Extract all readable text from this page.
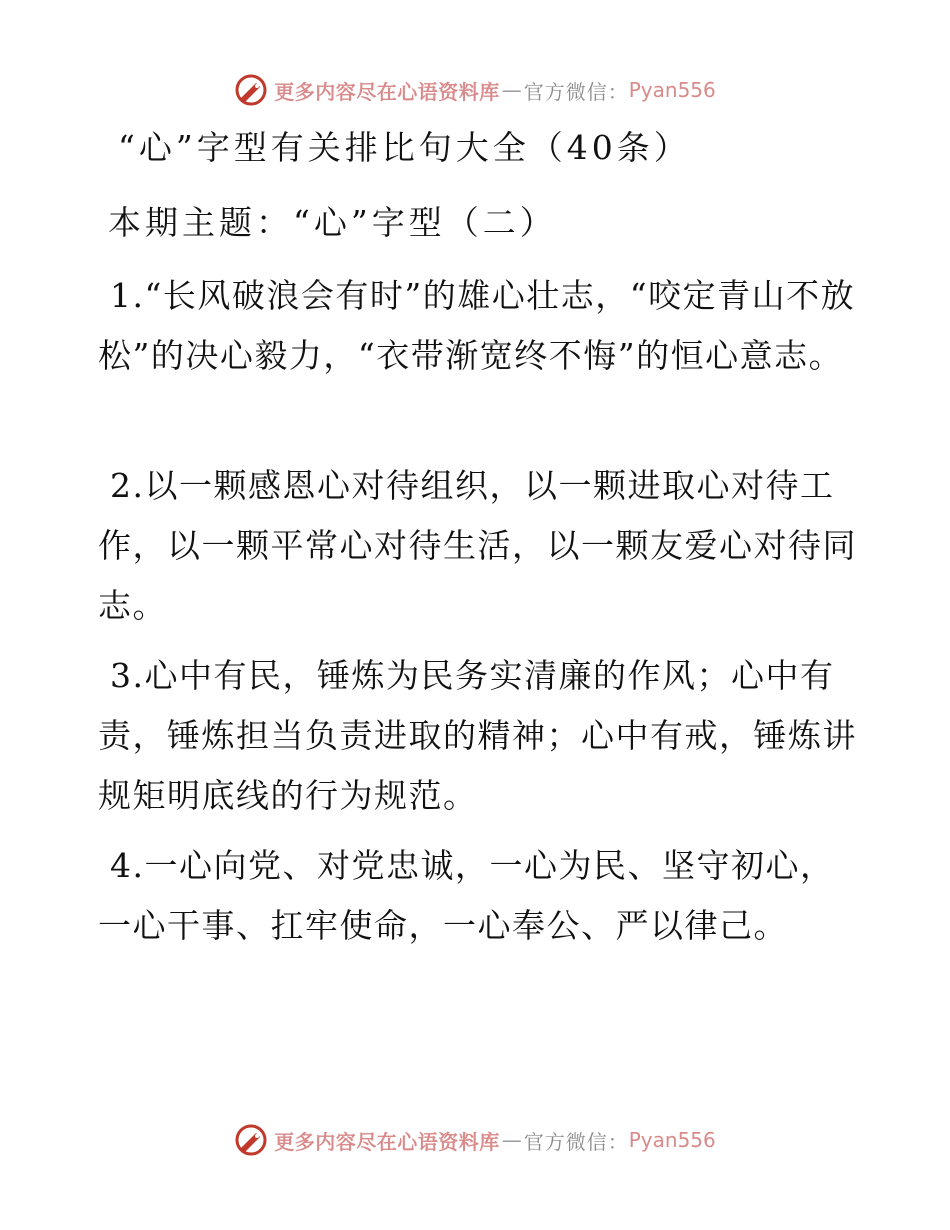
更多内容尽在心语资料库 — 官方微信： Pyan556
“心”字型有关排比句大全（40条）

本期主题：“心”字型（二）

1.“长风破浪会有时”的雄心壮志，“咬定青山不放松”的决心毅力，“衣带渐宽终不悔”的恒心意志。

2.以一颗感恩心对待组织，以一颗进取心对待工作，以一颗平常心对待生活，以一颗友爱心对待同志。

3.心中有民，锤炼为民务实清廉的作风；心中有责，锤炼担当负责进取的精神；心中有戒，锤炼讲规矩明底线的行为规范。

4.一心向党、对党忠诚，一心为民、坚守初心，一心干事、扛牢使命，一心奉公、严以律己。

更多内容尽在心语资料库 — 官方微信： Pyan556
